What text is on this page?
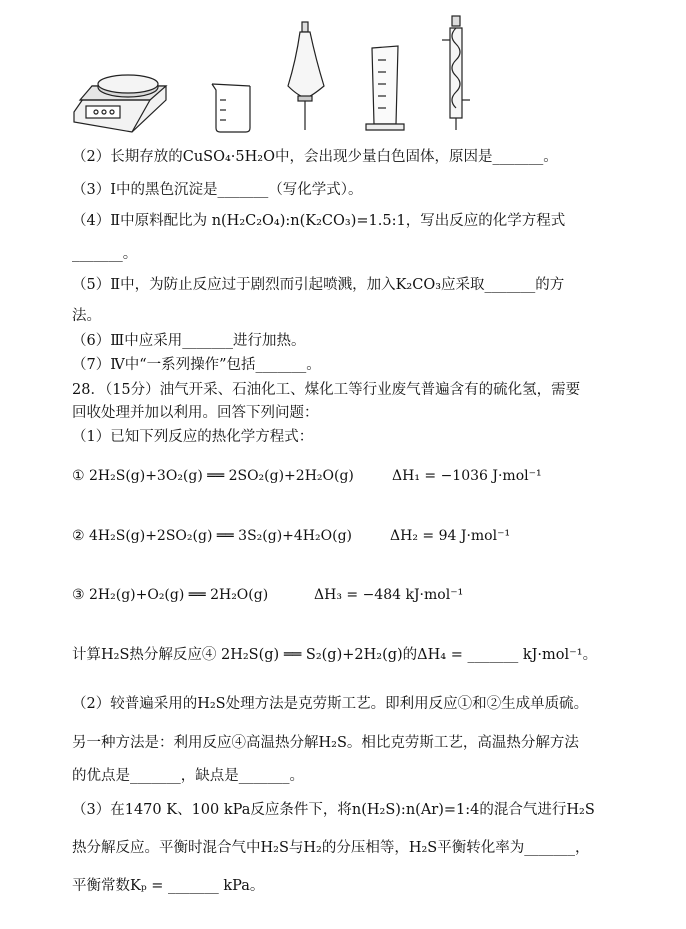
（2）长期存放的CuSO₄·5H₂O中，会出现少量白色固体，原因是_______。
（3）Ⅰ中的黑色沉淀是_______（写化学式）。
（4）Ⅱ中原料配比为 n(H₂C₂O₄):n(K₂CO₃)=1.5:1，写出反应的化学方程式
_______。
（5）Ⅱ中，为防止反应过于剧烈而引起喷溅，加入K₂CO₃应采取_______的方
法。
（6）Ⅲ中应采用_______进行加热。
（7）Ⅳ中“一系列操作”包括_______。
28．（15分）油气开采、石油化工、煤化工等行业废气普遍含有的硫化氢，需要
回收处理并加以利用。回答下列问题：
（1）已知下列反应的热化学方程式：
① 2H₂S(g)+3O₂(g) ══ 2SO₂(g)+2H₂O(g)	ΔH₁ = −1036 J·mol⁻¹
② 4H₂S(g)+2SO₂(g) ══ 3S₂(g)+4H₂O(g)	ΔH₂ = 94 J·mol⁻¹
③ 2H₂(g)+O₂(g) ══ 2H₂O(g)	ΔH₃ = −484 kJ·mol⁻¹
计算H₂S热分解反应④ 2H₂S(g) ══ S₂(g)+2H₂(g)的ΔH₄ = _______ kJ·mol⁻¹。
（2）较普遍采用的H₂S处理方法是克劳斯工艺。即利用反应①和②生成单质硫。
另一种方法是：利用反应④高温热分解H₂S。相比克劳斯工艺，高温热分解方法
的优点是_______，缺点是_______。
（3）在1470 K、100 kPa反应条件下，将n(H₂S):n(Ar)=1:4的混合气进行H₂S
热分解反应。平衡时混合气中H₂S与H₂的分压相等，H₂S平衡转化率为_______，
平衡常数Kₚ = _______ kPa。
